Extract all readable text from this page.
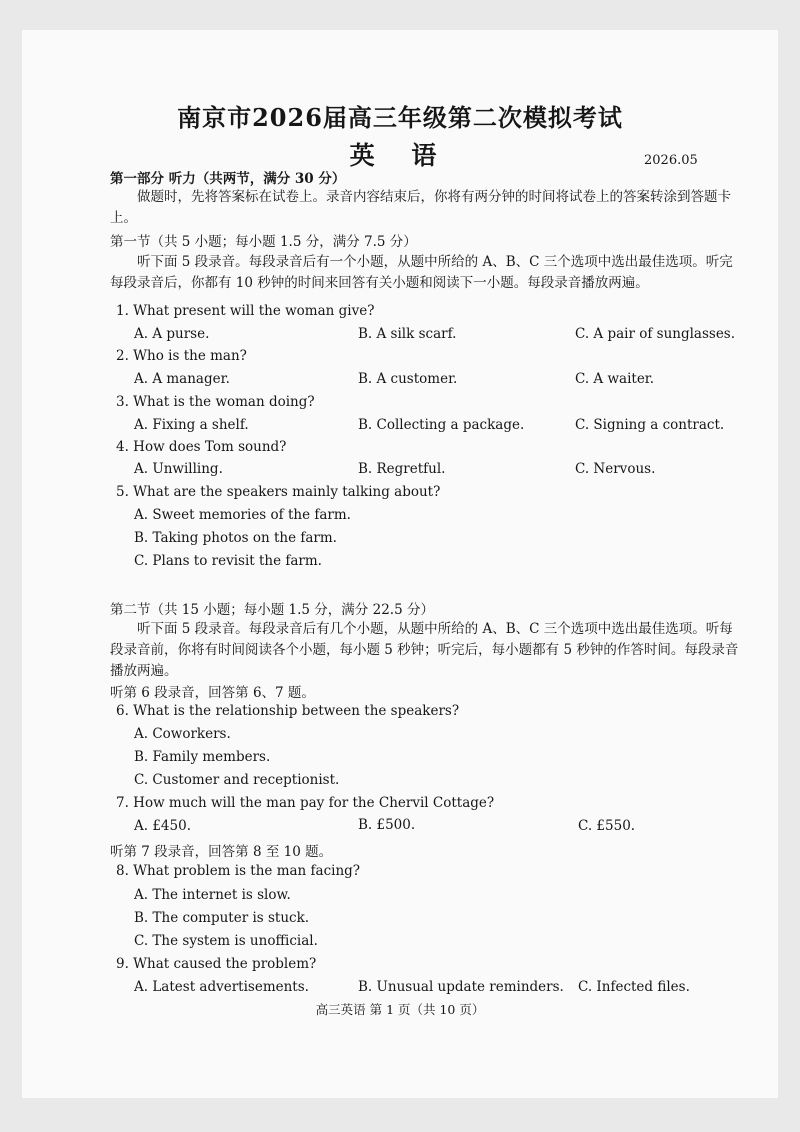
南京市2026届高三年级第二次模拟考试
英 语	2026.05
第一部分 听力（共两节，满分 30 分）
做题时，先将答案标在试卷上。录音内容结束后，你将有两分钟的时间将试卷上的答案转涂到答题卡上。
第一节（共 5 小题；每小题 1.5 分，满分 7.5 分）
听下面 5 段录音。每段录音后有一个小题，从题中所给的 A、B、C 三个选项中选出最佳选项。听完每段录音后，你都有 10 秒钟的时间来回答有关小题和阅读下一小题。每段录音播放两遍。
1. What present will the woman give?
A. A purse.	B. A silk scarf.	C. A pair of sunglasses.
2. Who is the man?
A. A manager.	B. A customer.	C. A waiter.
3. What is the woman doing?
A. Fixing a shelf.	B. Collecting a package.	C. Signing a contract.
4. How does Tom sound?
A. Unwilling.	B. Regretful.	C. Nervous.
5. What are the speakers mainly talking about?
A. Sweet memories of the farm.
B. Taking photos on the farm.
C. Plans to revisit the farm.
第二节（共 15 小题；每小题 1.5 分，满分 22.5 分）
听下面 5 段录音。每段录音后有几个小题，从题中所给的 A、B、C 三个选项中选出最佳选项。听每段录音前，你将有时间阅读各个小题，每小题 5 秒钟；听完后，每小题都有 5 秒钟的作答时间。每段录音播放两遍。
听第 6 段录音，回答第 6、7 题。
6. What is the relationship between the speakers?
A. Coworkers.
B. Family members.
C. Customer and receptionist.
7. How much will the man pay for the Chervil Cottage?
A. £450.	B. £500.	C. £550.
听第 7 段录音，回答第 8 至 10 题。
8. What problem is the man facing?
A. The internet is slow.
B. The computer is stuck.
C. The system is unofficial.
9. What caused the problem?
A. Latest advertisements.	B. Unusual update reminders. C. Infected files.
高三英语 第 1 页（共 10 页）
